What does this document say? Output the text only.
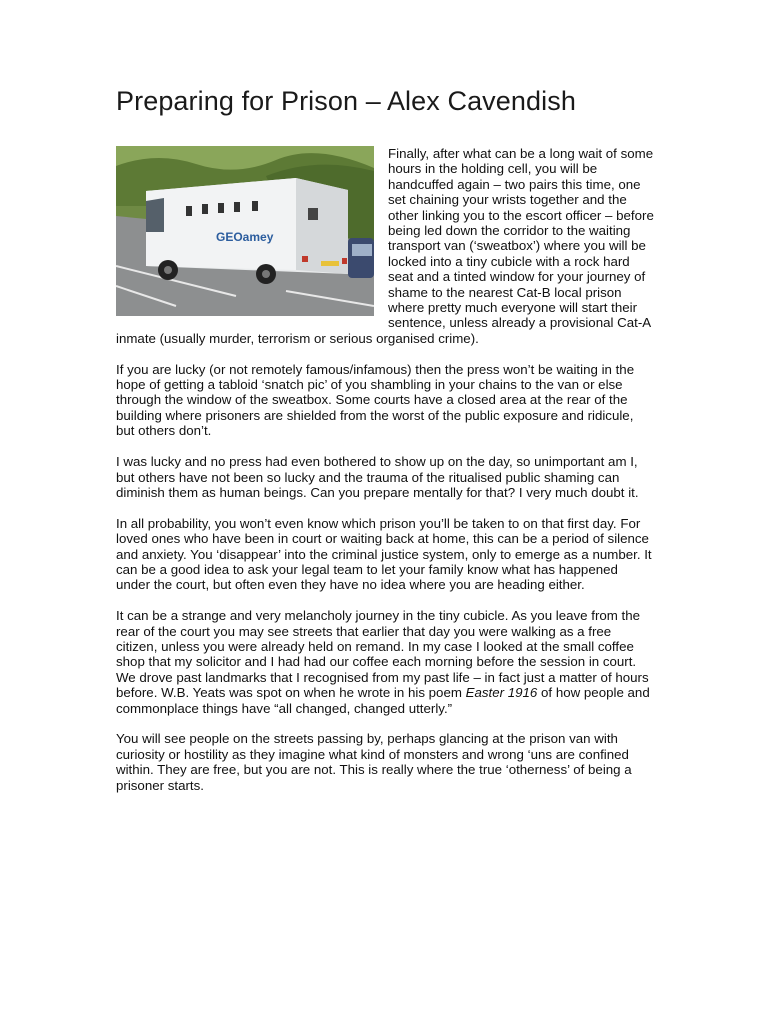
Preparing for Prison – Alex Cavendish
GEOamey

Finally, after what can be a long wait of some hours in the holding cell, you will be handcuffed again – two pairs this time, one set chaining your wrists together and the other linking you to the escort officer – before being led down the corridor to the waiting transport van (‘sweatbox’) where you will be locked into a tiny cubicle with a rock hard seat and a tinted window for your journey of shame to the nearest Cat-B local prison where pretty much everyone will start their sentence, unless already a provisional Cat-A inmate (usually murder, terrorism or serious organised crime).

If you are lucky (or not remotely famous/infamous) then the press won’t be waiting in the hope of getting a tabloid ‘snatch pic’ of you shambling in your chains to the van or else through the window of the sweatbox. Some courts have a closed area at the rear of the building where prisoners are shielded from the worst of the public exposure and ridicule, but others don’t.

I was lucky and no press had even bothered to show up on the day, so unimportant am I, but others have not been so lucky and the trauma of the ritualised public shaming can diminish them as human beings. Can you prepare mentally for that? I very much doubt it.

In all probability, you won’t even know which prison you’ll be taken to on that first day. For loved ones who have been in court or waiting back at home, this can be a period of silence and anxiety. You ‘disappear’ into the criminal justice system, only to emerge as a number. It can be a good idea to ask your legal team to let your family know what has happened under the court, but often even they have no idea where you are heading either.

It can be a strange and very melancholy journey in the tiny cubicle. As you leave from the rear of the court you may see streets that earlier that day you were walking as a free citizen, unless you were already held on remand. In my case I looked at the small coffee shop that my solicitor and I had had our coffee each morning before the session in court. We drove past landmarks that I recognised from my past life – in fact just a matter of hours before. W.B. Yeats was spot on when he wrote in his poem Easter 1916 of how people and commonplace things have “all changed, changed utterly.”

You will see people on the streets passing by, perhaps glancing at the prison van with curiosity or hostility as they imagine what kind of monsters and wrong ‘uns are confined within. They are free, but you are not. This is really where the true ‘otherness’ of being a prisoner starts.
